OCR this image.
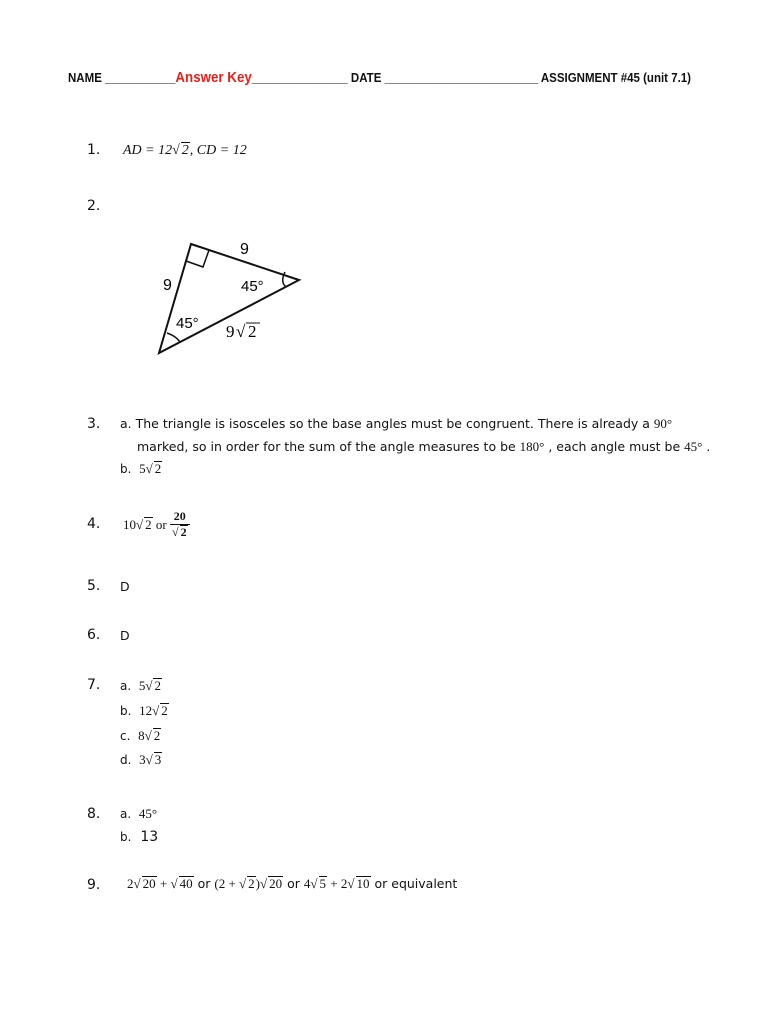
NAME ___________Answer Key_______________ DATE ________________________ ASSIGNMENT #45 (unit 7.1)
1. AD = 12√ 2, CD = 12
2.
9
9	45°
45° 9 √ 2
3. a. The triangle is isosceles so the base angles must be congruent. There is already a 90°
marked, so in order for the sum of the angle measures to be 180° , each angle must be 45° .
b. 5√ 2
4. 10√ 2 or $\frac{20}{√ 2}$
5. D
6. D
7. a. 5√ 2
b. 12√ 2
c. 8√ 2
d. 3√ 3
8. a. 45°
b. 13
9. 2√ 20 + √ 40 or (2 + √ 2)√ 20 or 4√ 5 + 2√ 10 or equivalent
